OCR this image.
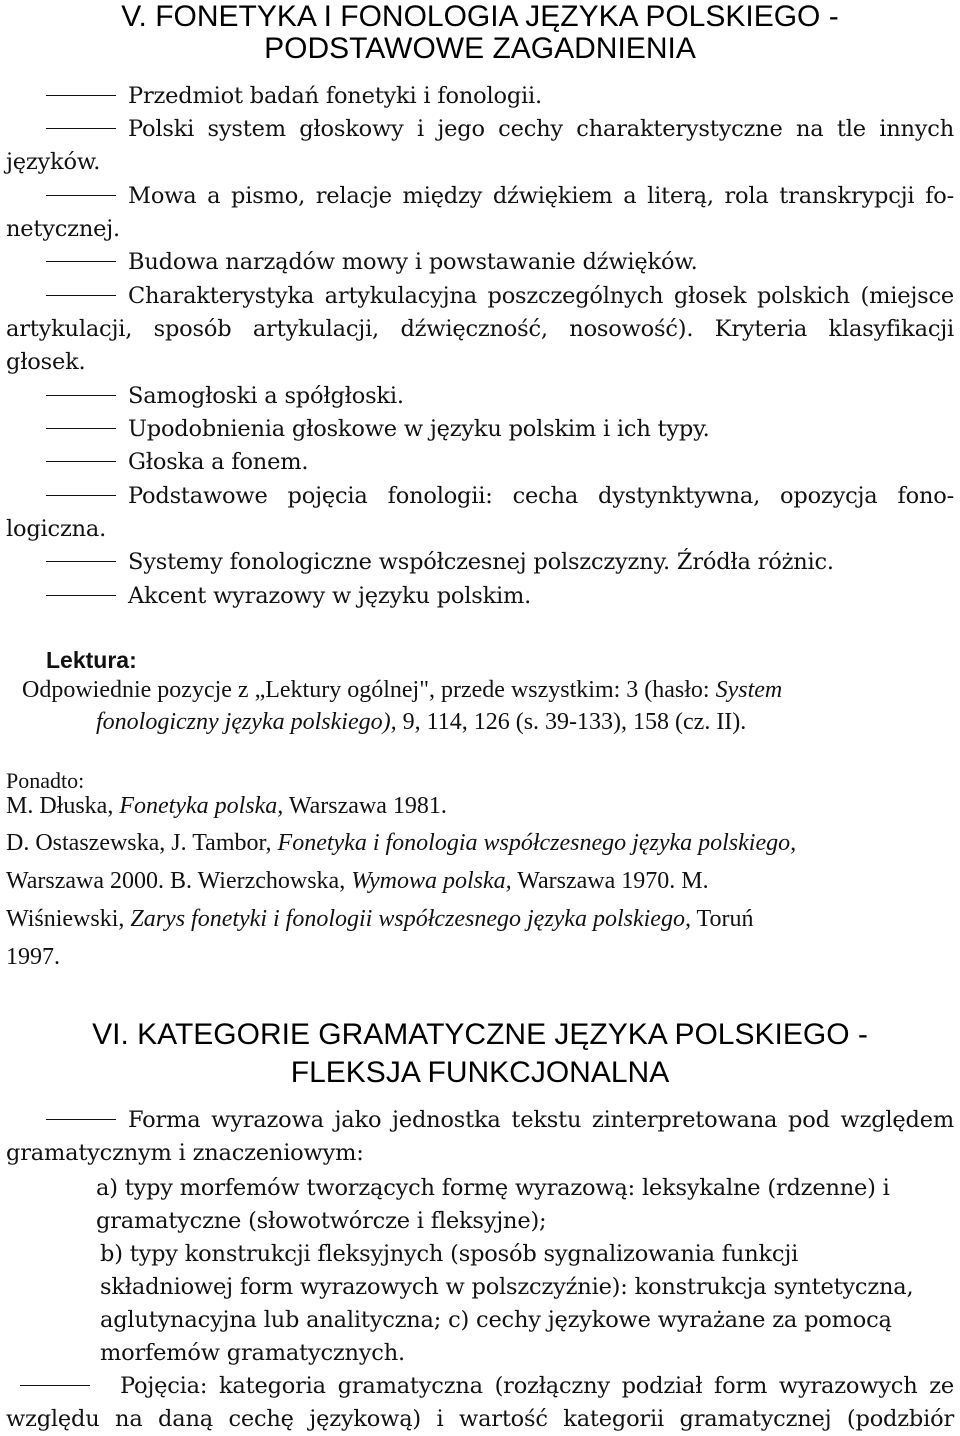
V. FONETYKA I FONOLOGIA JĘZYKA POLSKIEGO -
PODSTAWOWE ZAGADNIENIA
Przedmiot badań fonetyki i fonologii.
Polski system głoskowy i jego cechy charakterystyczne na tle innych
języków.
Mowa a pismo, relacje między dźwiękiem a literą, rola transkrypcji fo-
netycznej.
Budowa narządów mowy i powstawanie dźwięków.
Charakterystyka artykulacyjna poszczególnych głosek polskich (miejsce
artykulacji, sposób artykulacji, dźwięczność, nosowość). Kryteria klasyfikacji
głosek.
Samogłoski a spółgłoski.
Upodobnienia głoskowe w języku polskim i ich typy.
Głoska a fonem.
Podstawowe pojęcia fonologii: cecha dystynktywna, opozycja fono-
logiczna.
Systemy fonologiczne współczesnej polszczyzny. Źródła różnic.
Akcent wyrazowy w języku polskim.
Lektura:
Odpowiednie pozycje z „Lektury ogólnej", przede wszystkim: 3 (hasło: System
fonologiczny języka polskiego), 9, 114, 126 (s. 39-133), 158 (cz. II).
Ponadto:
M. Dłuska, Fonetyka polska, Warszawa 1981.
D. Ostaszewska, J. Tambor, Fonetyka i fonologia współczesnego języka polskiego,
Warszawa 2000. B. Wierzchowska, Wymowa polska, Warszawa 1970. M.
Wiśniewski, Zarys fonetyki i fonologii współczesnego języka polskiego, Toruń
1997.
VI. KATEGORIE GRAMATYCZNE JĘZYKA POLSKIEGO -
FLEKSJA FUNKCJONALNA
Forma wyrazowa jako jednostka tekstu zinterpretowana pod względem
gramatycznym i znaczeniowym:
a) typy morfemów tworzących formę wyrazową: leksykalne (rdzenne) i
gramatyczne (słowotwórcze i fleksyjne);
b) typy konstrukcji fleksyjnych (sposób sygnalizowania funkcji
składniowej form wyrazowych w polszczyźnie): konstrukcja syntetyczna,
aglutynacyjna lub analityczna; c) cechy językowe wyrażane za pomocą
morfemów gramatycznych.
Pojęcia: kategoria gramatyczna (rozłączny podział form wyrazowych ze
względu na daną cechę językową) i wartość kategorii gramatycznej (podzbiór
